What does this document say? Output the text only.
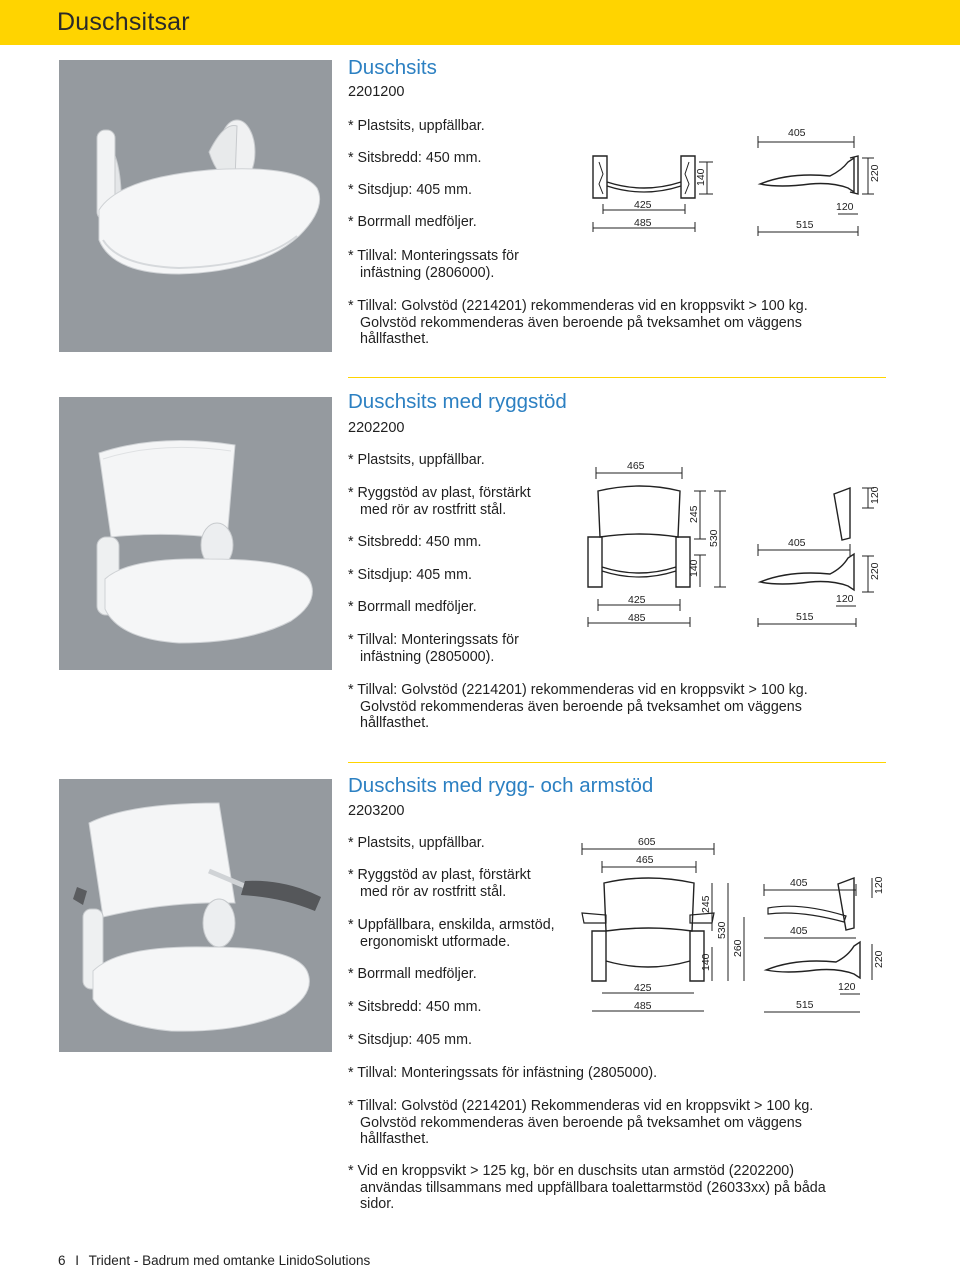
Duschsitsar
Duschsits
2201200
* Plastsits, uppfällbar.
* Sitsbredd: 450 mm.
* Sitsdjup: 405 mm.
* Borrmall medföljer.
* Tillval: Monteringssats för
infästning (2806000).
* Tillval: Golvstöd (2214201) rekommenderas vid en kroppsvikt > 100 kg.
Golvstöd rekommenderas även beroende på tveksamhet om väggens
hållfasthet.
425
485
140
405
220
120
515
Duschsits med ryggstöd
2202200
* Plastsits, uppfällbar.
* Ryggstöd av plast, förstärkt
med rör av rostfritt stål.
* Sitsbredd: 450 mm.
* Sitsdjup: 405 mm.
* Borrmall medföljer.
* Tillval: Monteringssats för
infästning (2805000).
* Tillval: Golvstöd (2214201) rekommenderas vid en kroppsvikt > 100 kg.
Golvstöd rekommenderas även beroende på tveksamhet om väggens
hållfasthet.
465
245
530
140
425
485
120
405
220
120
515
Duschsits med rygg- och armstöd
2203200
* Plastsits, uppfällbar.
* Ryggstöd av plast, förstärkt
med rör av rostfritt stål.
* Uppfällbara, enskilda, armstöd,
ergonomiskt utformade.
* Borrmall medföljer.
* Sitsbredd: 450 mm.
* Sitsdjup: 405 mm.
* Tillval: Monteringssats för infästning (2805000).
* Tillval: Golvstöd (2214201) Rekommenderas vid en kroppsvikt > 100 kg.
Golvstöd rekommenderas även beroende på tveksamhet om väggens
hållfasthet.
* Vid en kroppsvikt > 125 kg, bör en duschsits utan armstöd (2202200)
användas tillsammans med uppfällbara toalettarmstöd (26033xx) på båda
sidor.
605
465
245
530
260
140
425
485
405
405
120
220
120
515
6 I Trident - Badrum med omtanke LinidoSolutions
